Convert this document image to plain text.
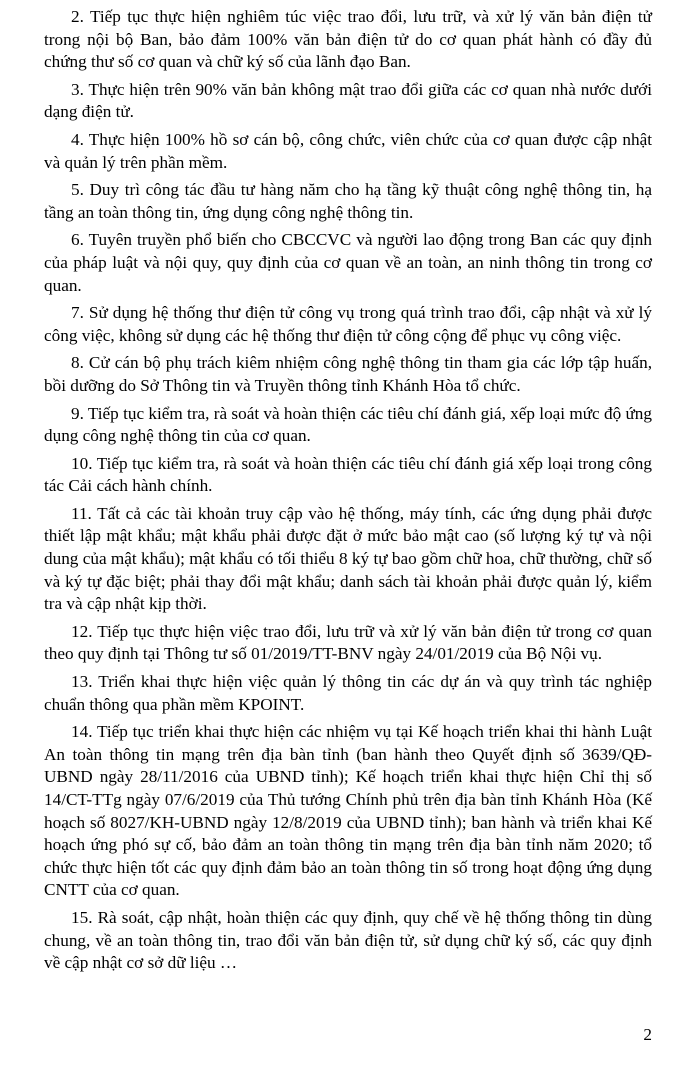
2. Tiếp tục thực hiện nghiêm túc việc trao đổi, lưu trữ, và xử lý văn bản điện tử trong nội bộ Ban, bảo đảm 100% văn bản điện tử do cơ quan phát hành có đầy đủ chứng thư số cơ quan và chữ ký số của lãnh đạo Ban.

3. Thực hiện trên 90% văn bản không mật trao đổi giữa các cơ quan nhà nước dưới dạng điện tử.

4. Thực hiện 100% hồ sơ cán bộ, công chức, viên chức của cơ quan được cập nhật và quản lý trên phần mềm.

5. Duy trì công tác đầu tư hàng năm cho hạ tầng kỹ thuật công nghệ thông tin, hạ tầng an toàn thông tin, ứng dụng công nghệ thông tin.

6. Tuyên truyền phổ biến cho CBCCVC và người lao động trong Ban các quy định của pháp luật và nội quy, quy định của cơ quan về an toàn, an ninh thông tin trong cơ quan.

7. Sử dụng hệ thống thư điện tử công vụ trong quá trình trao đổi, cập nhật và xử lý công việc, không sử dụng các hệ thống thư điện tử công cộng để phục vụ công việc.

8. Cử cán bộ phụ trách kiêm nhiệm công nghệ thông tin tham gia các lớp tập huấn, bồi dưỡng do Sở Thông tin và Truyền thông tỉnh Khánh Hòa tổ chức.

9. Tiếp tục kiểm tra, rà soát và hoàn thiện các tiêu chí đánh giá, xếp loại mức độ ứng dụng công nghệ thông tin của cơ quan.

10. Tiếp tục kiểm tra, rà soát và hoàn thiện các tiêu chí đánh giá xếp loại trong công tác Cải cách hành chính.

11. Tất cả các tài khoản truy cập vào hệ thống, máy tính, các ứng dụng phải được thiết lập mật khẩu; mật khẩu phải được đặt ở mức bảo mật cao (số lượng ký tự và nội dung của mật khẩu); mật khẩu có tối thiểu 8 ký tự bao gồm chữ hoa, chữ thường, chữ số và ký tự đặc biệt; phải thay đổi mật khẩu; danh sách tài khoản phải được quản lý, kiểm tra và cập nhật kịp thời.

12. Tiếp tục thực hiện việc trao đổi, lưu trữ và xử lý văn bản điện tử trong cơ quan theo quy định tại Thông tư số 01/2019/TT-BNV ngày 24/01/2019 của Bộ Nội vụ.

13. Triển khai thực hiện việc quản lý thông tin các dự án và quy trình tác nghiệp chuẩn thông qua phần mềm KPOINT.

14. Tiếp tục triển khai thực hiện các nhiệm vụ tại Kế hoạch triển khai thi hành Luật An toàn thông tin mạng trên địa bàn tỉnh (ban hành theo Quyết định số 3639/QĐ-UBND ngày 28/11/2016 của UBND tỉnh); Kế hoạch triển khai thực hiện Chỉ thị số 14/CT-TTg ngày 07/6/2019 của Thủ tướng Chính phủ trên địa bàn tỉnh Khánh Hòa (Kế hoạch số 8027/KH-UBND ngày 12/8/2019 của UBND tỉnh); ban hành và triển khai Kế hoạch ứng phó sự cố, bảo đảm an toàn thông tin mạng trên địa bàn tỉnh năm 2020; tổ chức thực hiện tốt các quy định đảm bảo an toàn thông tin số trong hoạt động ứng dụng CNTT của cơ quan.

15. Rà soát, cập nhật, hoàn thiện các quy định, quy chế về hệ thống thông tin dùng chung, về an toàn thông tin, trao đổi văn bản điện tử, sử dụng chữ ký số, các quy định về cập nhật cơ sở dữ liệu …

2
